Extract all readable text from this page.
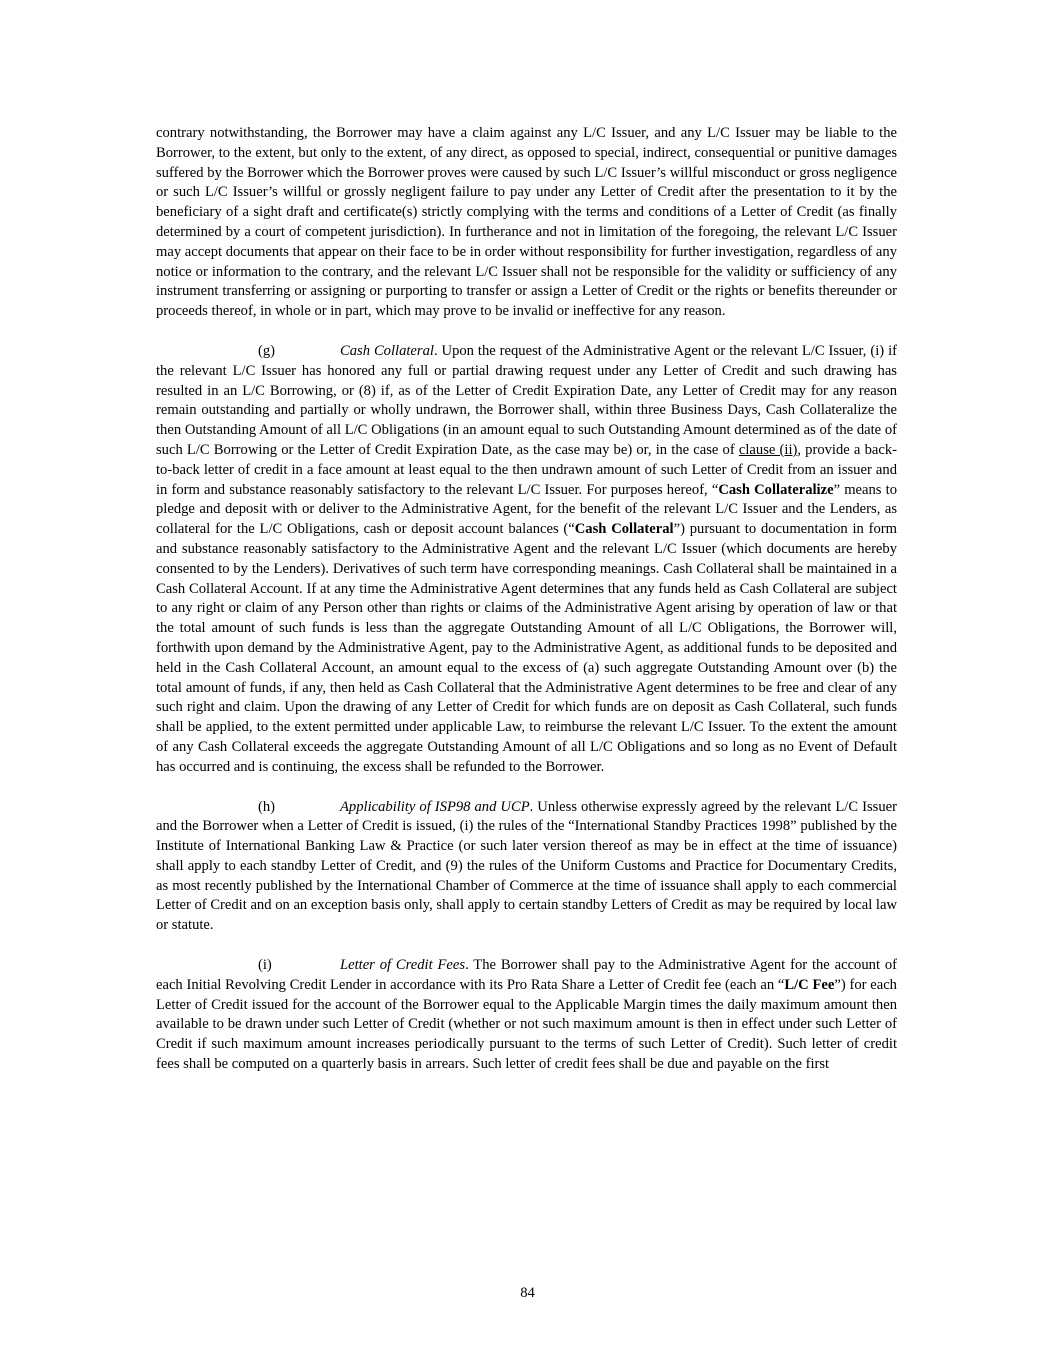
contrary notwithstanding, the Borrower may have a claim against any L/C Issuer, and any L/C Issuer may be liable to the Borrower, to the extent, but only to the extent, of any direct, as opposed to special, indirect, consequential or punitive damages suffered by the Borrower which the Borrower proves were caused by such L/C Issuer’s willful misconduct or gross negligence or such L/C Issuer’s willful or grossly negligent failure to pay under any Letter of Credit after the presentation to it by the beneficiary of a sight draft and certificate(s) strictly complying with the terms and conditions of a Letter of Credit (as finally determined by a court of competent jurisdiction). In furtherance and not in limitation of the foregoing, the relevant L/C Issuer may accept documents that appear on their face to be in order without responsibility for further investigation, regardless of any notice or information to the contrary, and the relevant L/C Issuer shall not be responsible for the validity or sufficiency of any instrument transferring or assigning or purporting to transfer or assign a Letter of Credit or the rights or benefits thereunder or proceeds thereof, in whole or in part, which may prove to be invalid or ineffective for any reason.

(g)	Cash Collateral. Upon the request of the Administrative Agent or the relevant L/C Issuer, (i) if the relevant L/C Issuer has honored any full or partial drawing request under any Letter of Credit and such drawing has resulted in an L/C Borrowing, or (8) if, as of the Letter of Credit Expiration Date, any Letter of Credit may for any reason remain outstanding and partially or wholly undrawn, the Borrower shall, within three Business Days, Cash Collateralize the then Outstanding Amount of all L/C Obligations (in an amount equal to such Outstanding Amount determined as of the date of such L/C Borrowing or the Letter of Credit Expiration Date, as the case may be) or, in the case of clause (ii), provide a back-to-back letter of credit in a face amount at least equal to the then undrawn amount of such Letter of Credit from an issuer and in form and substance reasonably satisfactory to the relevant L/C Issuer. For purposes hereof, “Cash Collateralize” means to pledge and deposit with or deliver to the Administrative Agent, for the benefit of the relevant L/C Issuer and the Lenders, as collateral for the L/C Obligations, cash or deposit account balances (“Cash Collateral”) pursuant to documentation in form and substance reasonably satisfactory to the Administrative Agent and the relevant L/C Issuer (which documents are hereby consented to by the Lenders). Derivatives of such term have corresponding meanings. Cash Collateral shall be maintained in a Cash Collateral Account. If at any time the Administrative Agent determines that any funds held as Cash Collateral are subject to any right or claim of any Person other than rights or claims of the Administrative Agent arising by operation of law or that the total amount of such funds is less than the aggregate Outstanding Amount of all L/C Obligations, the Borrower will, forthwith upon demand by the Administrative Agent, pay to the Administrative Agent, as additional funds to be deposited and held in the Cash Collateral Account, an amount equal to the excess of (a) such aggregate Outstanding Amount over (b) the total amount of funds, if any, then held as Cash Collateral that the Administrative Agent determines to be free and clear of any such right and claim. Upon the drawing of any Letter of Credit for which funds are on deposit as Cash Collateral, such funds shall be applied, to the extent permitted under applicable Law, to reimburse the relevant L/C Issuer. To the extent the amount of any Cash Collateral exceeds the aggregate Outstanding Amount of all L/C Obligations and so long as no Event of Default has occurred and is continuing, the excess shall be refunded to the Borrower.

(h)	Applicability of ISP98 and UCP. Unless otherwise expressly agreed by the relevant L/C Issuer and the Borrower when a Letter of Credit is issued, (i) the rules of the “International Standby Practices 1998” published by the Institute of International Banking Law & Practice (or such later version thereof as may be in effect at the time of issuance) shall apply to each standby Letter of Credit, and (9) the rules of the Uniform Customs and Practice for Documentary Credits, as most recently published by the International Chamber of Commerce at the time of issuance shall apply to each commercial Letter of Credit and on an exception basis only, shall apply to certain standby Letters of Credit as may be required by local law or statute.

(i)	Letter of Credit Fees. The Borrower shall pay to the Administrative Agent for the account of each Initial Revolving Credit Lender in accordance with its Pro Rata Share a Letter of Credit fee (each an “L/C Fee”) for each Letter of Credit issued for the account of the Borrower equal to the Applicable Margin times the daily maximum amount then available to be drawn under such Letter of Credit (whether or not such maximum amount is then in effect under such Letter of Credit if such maximum amount increases periodically pursuant to the terms of such Letter of Credit). Such letter of credit fees shall be computed on a quarterly basis in arrears. Such letter of credit fees shall be due and payable on the first

84
